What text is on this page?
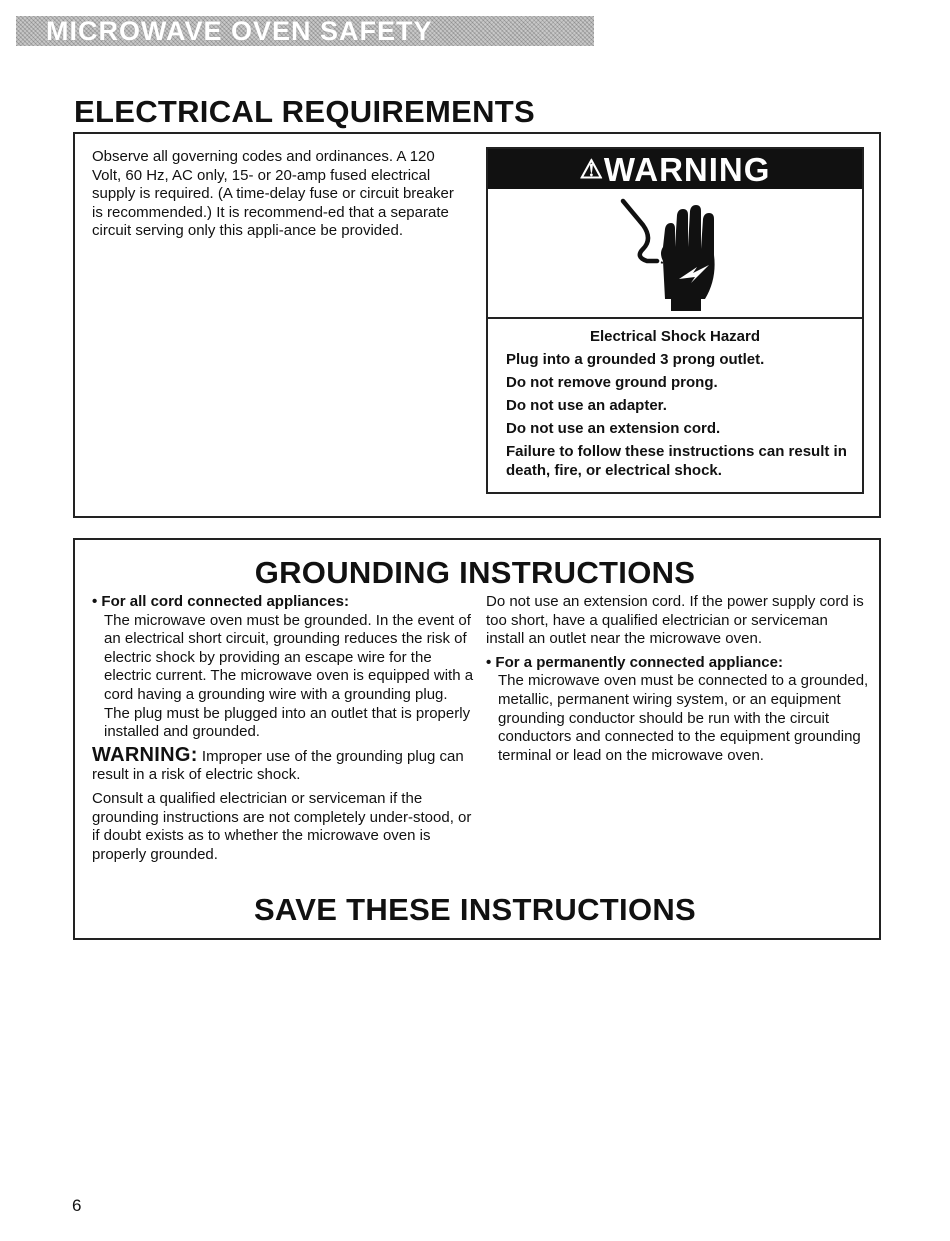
MICROWAVE OVEN SAFETY
ELECTRICAL REQUIREMENTS

Observe all governing codes and ordinances. A 120 Volt, 60 Hz, AC only, 15- or 20-amp fused electrical supply is required. (A time-delay fuse or circuit breaker is recommended.) It is recommend-ed that a separate circuit serving only this appli-ance be provided.

⚠WARNING

Electrical Shock Hazard

Plug into a grounded 3 prong outlet.

Do not remove ground prong.

Do not use an adapter.

Do not use an extension cord.

Failure to follow these instructions can result in death, fire, or electrical shock.

GROUNDING INSTRUCTIONS

• For all cord connected appliances:

The microwave oven must be grounded. In the event of an electrical short circuit, grounding reduces the risk of electric shock by providing an escape wire for the electric current. The microwave oven is equipped with a cord having a grounding wire with a grounding plug. The plug must be plugged into an outlet that is properly installed and grounded.

WARNING: Improper use of the grounding plug can result in a risk of electric shock.

Consult a qualified electrician or serviceman if the grounding instructions are not completely under-stood, or if doubt exists as to whether the microwave oven is properly grounded.

Do not use an extension cord. If the power supply cord is too short, have a qualified electrician or serviceman install an outlet near the microwave oven.

• For a permanently connected appliance:

The microwave oven must be connected to a grounded, metallic, permanent wiring system, or an equipment grounding conductor should be run with the circuit conductors and connected to the equipment grounding terminal or lead on the microwave oven.

SAVE THESE INSTRUCTIONS
6
